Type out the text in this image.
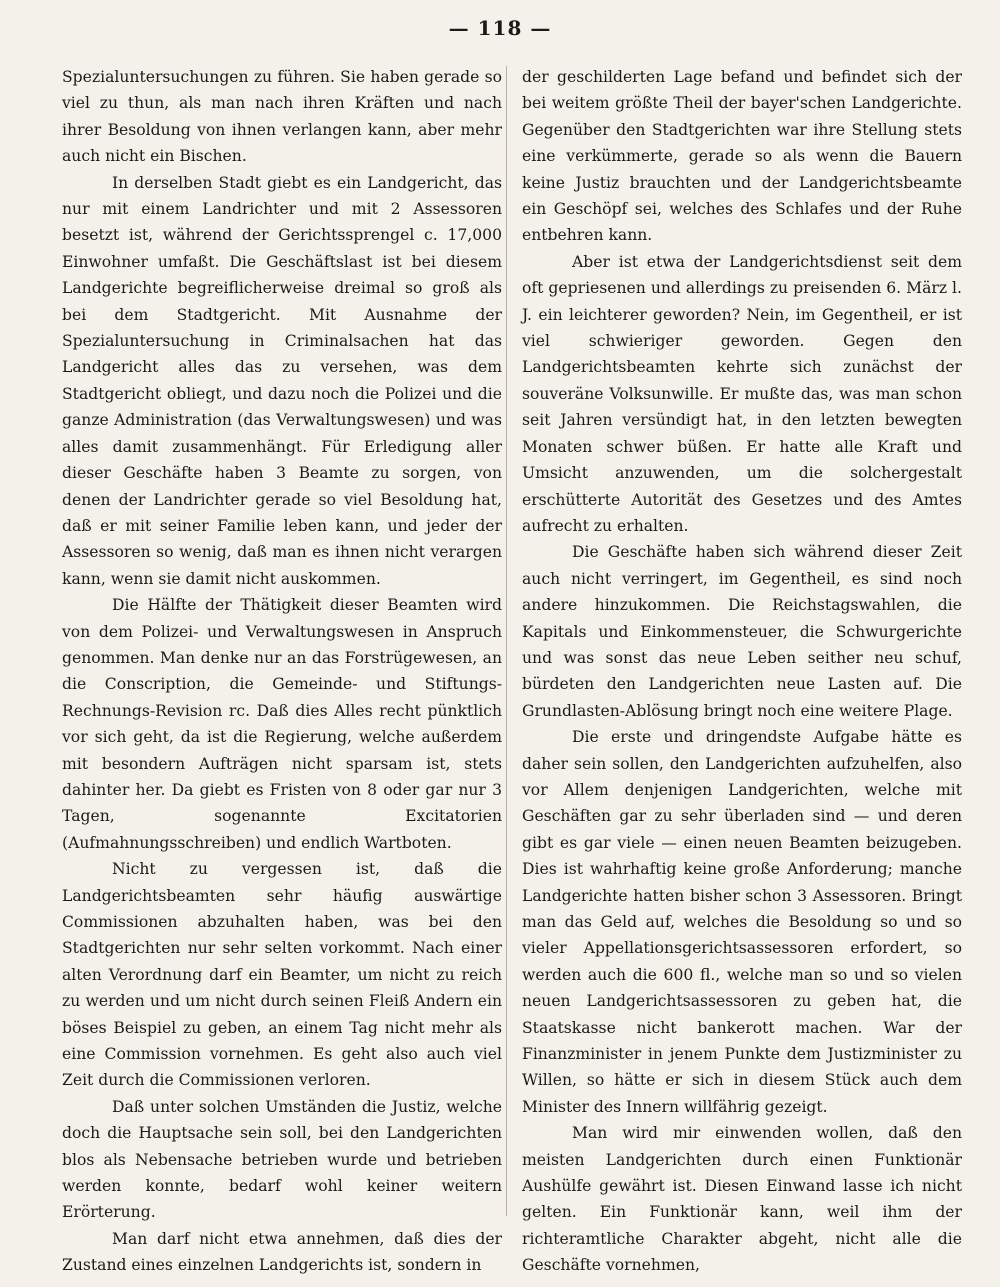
— 118 —

Spezialuntersuchungen zu führen. Sie haben gerade so viel zu thun, als man nach ihren Kräften und nach ihrer Besoldung von ihnen verlangen kann, aber mehr auch nicht ein Bischen.

In derselben Stadt giebt es ein Landgericht, das nur mit einem Landrichter und mit 2 Assessoren besetzt ist, während der Gerichtssprengel c. 17,000 Einwohner umfaßt. Die Geschäftslast ist bei diesem Landgerichte begreiflicherweise dreimal so groß als bei dem Stadtgericht. Mit Ausnahme der Spezialuntersuchung in Criminalsachen hat das Landgericht alles das zu versehen, was dem Stadtgericht obliegt, und dazu noch die Polizei und die ganze Administration (das Verwaltungswesen) und was alles damit zusammenhängt. Für Erledigung aller dieser Geschäfte haben 3 Beamte zu sorgen, von denen der Landrichter gerade so viel Besoldung hat, daß er mit seiner Familie leben kann, und jeder der Assessoren so wenig, daß man es ihnen nicht verargen kann, wenn sie damit nicht auskommen.

Die Hälfte der Thätigkeit dieser Beamten wird von dem Polizei- und Verwaltungswesen in Anspruch genommen. Man denke nur an das Forstrügewesen, an die Conscription, die Gemeinde- und Stiftungs-Rechnungs-Revision rc. Daß dies Alles recht pünktlich vor sich geht, da ist die Regierung, welche außerdem mit besondern Aufträgen nicht sparsam ist, stets dahinter her. Da giebt es Fristen von 8 oder gar nur 3 Tagen, sogenannte Excitatorien (Aufmahnungsschreiben) und endlich Wartboten.

Nicht zu vergessen ist, daß die Landgerichtsbeamten sehr häufig auswärtige Commissionen abzuhalten haben, was bei den Stadtgerichten nur sehr selten vorkommt. Nach einer alten Verordnung darf ein Beamter, um nicht zu reich zu werden und um nicht durch seinen Fleiß Andern ein böses Beispiel zu geben, an einem Tag nicht mehr als eine Commission vornehmen. Es geht also auch viel Zeit durch die Commissionen verloren.

Daß unter solchen Umständen die Justiz, welche doch die Hauptsache sein soll, bei den Landgerichten blos als Nebensache betrieben wurde und betrieben werden konnte, bedarf wohl keiner weitern Erörterung.

Man darf nicht etwa annehmen, daß dies der Zustand eines einzelnen Landgerichts ist, sondern in

der geschilderten Lage befand und befindet sich der bei weitem größte Theil der bayer'schen Landgerichte. Gegenüber den Stadtgerichten war ihre Stellung stets eine verkümmerte, gerade so als wenn die Bauern keine Justiz brauchten und der Landgerichtsbeamte ein Geschöpf sei, welches des Schlafes und der Ruhe entbehren kann.

Aber ist etwa der Landgerichtsdienst seit dem oft gepriesenen und allerdings zu preisenden 6. März l. J. ein leichterer geworden? Nein, im Gegentheil, er ist viel schwieriger geworden. Gegen den Landgerichtsbeamten kehrte sich zunächst der souveräne Volksunwille. Er mußte das, was man schon seit Jahren versündigt hat, in den letzten bewegten Monaten schwer büßen. Er hatte alle Kraft und Umsicht anzuwenden, um die solchergestalt erschütterte Autorität des Gesetzes und des Amtes aufrecht zu erhalten.

Die Geschäfte haben sich während dieser Zeit auch nicht verringert, im Gegentheil, es sind noch andere hinzukommen. Die Reichstagswahlen, die Kapitals und Einkommensteuer, die Schwurgerichte und was sonst das neue Leben seither neu schuf, bürdeten den Landgerichten neue Lasten auf. Die Grundlasten-Ablösung bringt noch eine weitere Plage.

Die erste und dringendste Aufgabe hätte es daher sein sollen, den Landgerichten aufzuhelfen, also vor Allem denjenigen Landgerichten, welche mit Geschäften gar zu sehr überladen sind — und deren gibt es gar viele — einen neuen Beamten beizugeben. Dies ist wahrhaftig keine große Anforderung; manche Landgerichte hatten bisher schon 3 Assessoren. Bringt man das Geld auf, welches die Besoldung so und so vieler Appellationsgerichtsassessoren erfordert, so werden auch die 600 fl., welche man so und so vielen neuen Landgerichtsassessoren zu geben hat, die Staatskasse nicht bankerott machen. War der Finanzminister in jenem Punkte dem Justizminister zu Willen, so hätte er sich in diesem Stück auch dem Minister des Innern willfährig gezeigt.

Man wird mir einwenden wollen, daß den meisten Landgerichten durch einen Funktionär Aushülfe gewährt ist. Diesen Einwand lasse ich nicht gelten. Ein Funktionär kann, weil ihm der richteramtliche Charakter abgeht, nicht alle die Geschäfte vornehmen,
